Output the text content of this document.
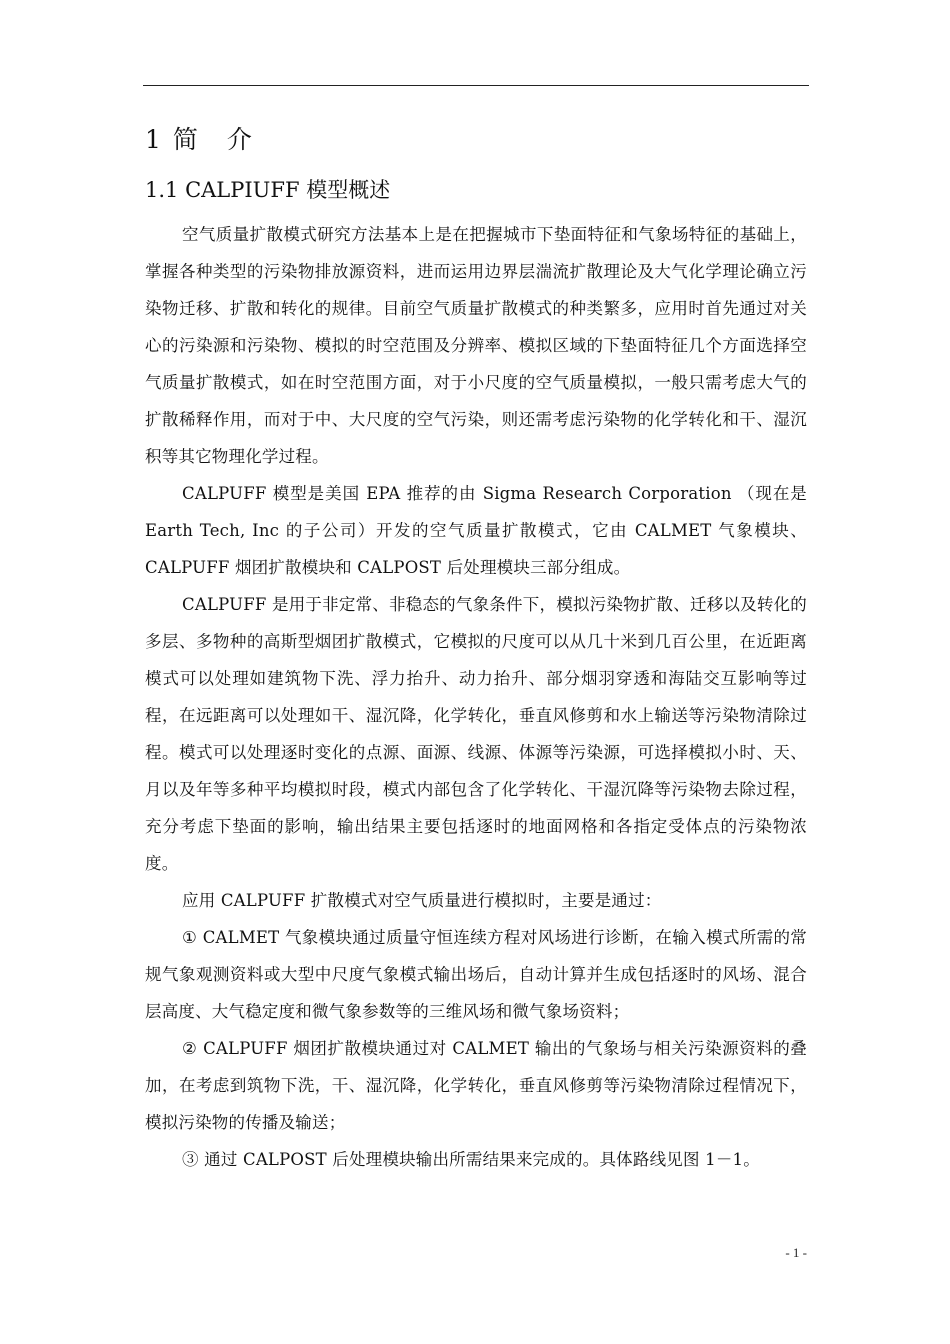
1 简　介
1.1 CALPIUFF 模型概述

空气质量扩散模式研究方法基本上是在把握城市下垫面特征和气象场特征的基础上，掌握各种类型的污染物排放源资料，进而运用边界层湍流扩散理论及大气化学理论确立污染物迁移、扩散和转化的规律。目前空气质量扩散模式的种类繁多，应用时首先通过对关心的污染源和污染物、模拟的时空范围及分辨率、模拟区域的下垫面特征几个方面选择空气质量扩散模式，如在时空范围方面，对于小尺度的空气质量模拟，一般只需考虑大气的扩散稀释作用，而对于中、大尺度的空气污染，则还需考虑污染物的化学转化和干、湿沉积等其它物理化学过程。

CALPUFF 模型是美国 EPA 推荐的由 Sigma Research Corporation （现在是 Earth Tech, Inc 的子公司）开发的空气质量扩散模式，它由 CALMET 气象模块、CALPUFF 烟团扩散模块和 CALPOST 后处理模块三部分组成。

CALPUFF 是用于非定常、非稳态的气象条件下，模拟污染物扩散、迁移以及转化的多层、多物种的高斯型烟团扩散模式，它模拟的尺度可以从几十米到几百公里，在近距离模式可以处理如建筑物下洗、浮力抬升、动力抬升、部分烟羽穿透和海陆交互影响等过程，在远距离可以处理如干、湿沉降，化学转化，垂直风修剪和水上输送等污染物清除过程。模式可以处理逐时变化的点源、面源、线源、体源等污染源，可选择模拟小时、天、月以及年等多种平均模拟时段，模式内部包含了化学转化、干湿沉降等污染物去除过程，充分考虑下垫面的影响，输出结果主要包括逐时的地面网格和各指定受体点的污染物浓度。

应用 CALPUFF 扩散模式对空气质量进行模拟时，主要是通过：

① CALMET 气象模块通过质量守恒连续方程对风场进行诊断，在输入模式所需的常规气象观测资料或大型中尺度气象模式输出场后，自动计算并生成包括逐时的风场、混合层高度、大气稳定度和微气象参数等的三维风场和微气象场资料；

② CALPUFF 烟团扩散模块通过对 CALMET 输出的气象场与相关污染源资料的叠加，在考虑到筑物下洗，干、湿沉降，化学转化，垂直风修剪等污染物清除过程情况下，模拟污染物的传播及输送；

③ 通过 CALPOST 后处理模块输出所需结果来完成的。具体路线见图 1－1。

- 1 -
